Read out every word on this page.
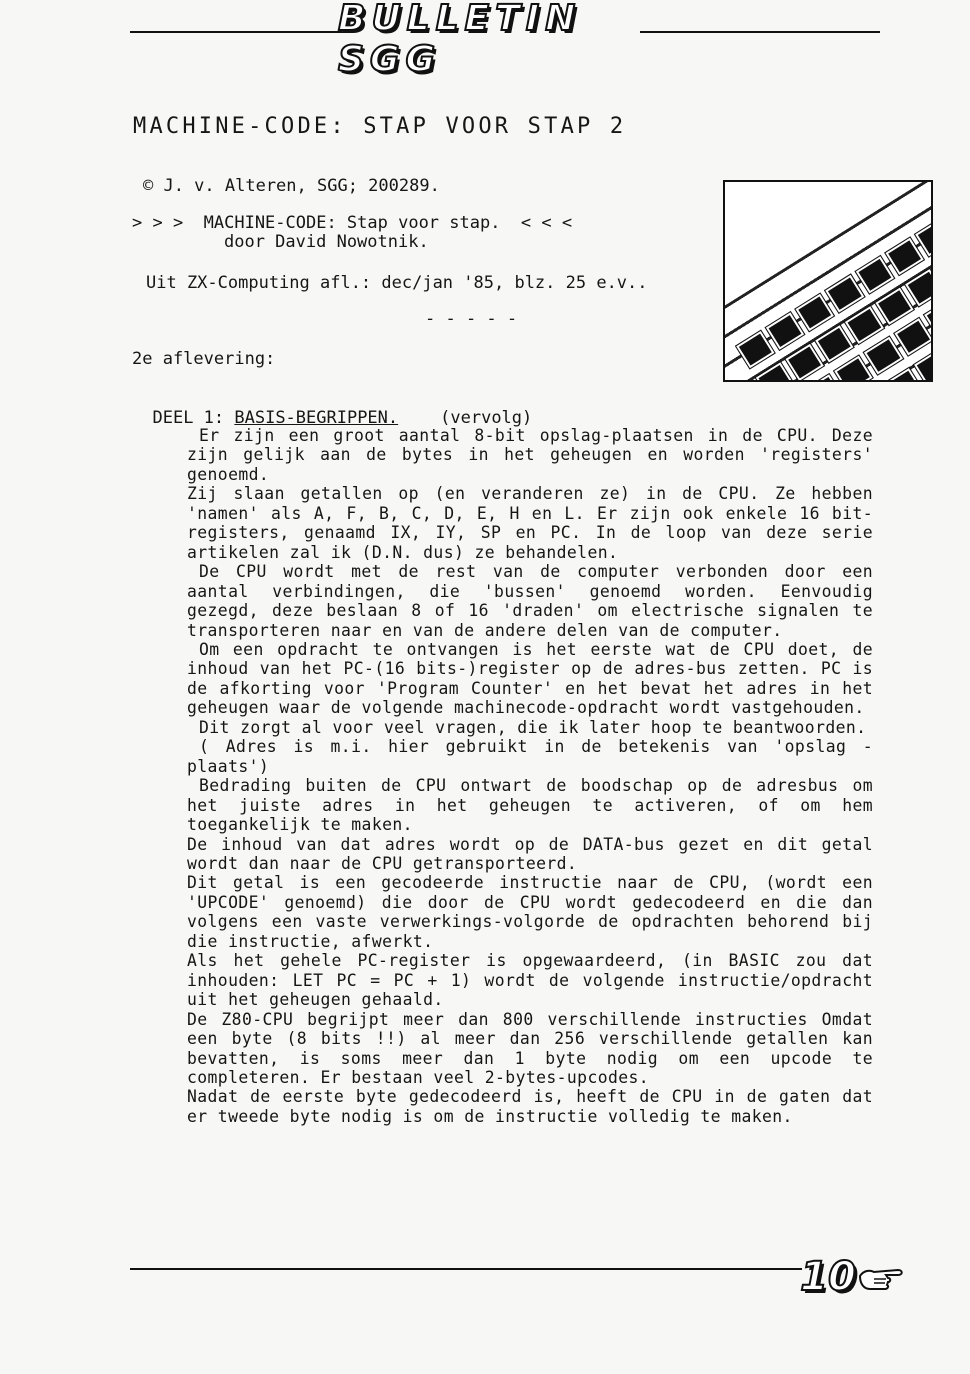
BULLETIN SGG
MACHINE-CODE: STAP VOOR STAP 2
© J. v. Alteren, SGG; 200289.
> > >  MACHINE-CODE: Stap voor stap.  < < <
door David Nowotnik.
Uit ZX-Computing afl.: dec/jan '85, blz. 25 e.v..
- - - - -
2e aflevering:

DEEL 1: BASIS-BEGRIPPEN. (vervolg)

Er zijn een groot aantal 8-bit opslag-plaatsen in de CPU. Deze zijn gelijk aan de bytes in het geheugen en worden 'registers' genoemd.

Zij slaan getallen op (en veranderen ze) in de CPU. Ze hebben 'namen' als A, F, B, C, D, E, H en L. Er zijn ook enkele 16 bit-registers, genaamd IX, IY, SP en PC. In de loop van deze serie artikelen zal ik (D.N. dus) ze behandelen.

De CPU wordt met de rest van de computer verbonden door een aantal verbindingen, die 'bussen' genoemd worden. Eenvoudig gezegd, deze beslaan 8 of 16 'draden' om electrische signalen te transporteren naar en van de andere delen van de computer.

Om een opdracht te ontvangen is het eerste wat de CPU doet, de inhoud van het PC-(16 bits-)register op de adres-bus zetten. PC is de afkorting voor 'Program Counter' en het bevat het adres in het geheugen waar de volgende machinecode-opdracht wordt vastgehouden.

Dit zorgt al voor veel vragen, die ik later hoop te beantwoorden.

( Adres is m.i. hier gebruikt in de betekenis van 'opslag -plaats')

Bedrading buiten de CPU ontwart de boodschap op de adresbus om het juiste adres in het geheugen te activeren, of om hem toegankelijk te maken.

De inhoud van dat adres wordt op de DATA-bus gezet en dit getal wordt dan naar de CPU getransporteerd.

Dit getal is een gecodeerde instructie naar de CPU, (wordt een 'UPCODE' genoemd) die door de CPU wordt gedecodeerd en die dan volgens een vaste verwerkings-volgorde de opdrachten behorend bij die instructie, afwerkt.

Als het gehele PC-register is opgewaardeerd, (in BASIC zou dat inhouden: LET PC = PC + 1) wordt de volgende instructie/opdracht uit het geheugen gehaald.

De Z80-CPU begrijpt meer dan 800 verschillende instructies Omdat een byte (8 bits !!) al meer dan 256 verschillende getallen kan bevatten, is soms meer dan 1 byte nodig om een upcode te completeren. Er bestaan veel 2-bytes-upcodes.

Nadat de eerste byte gedecodeerd is, heeft de CPU in de gaten dat er tweede byte nodig is om de instructie volledig te maken.

10
